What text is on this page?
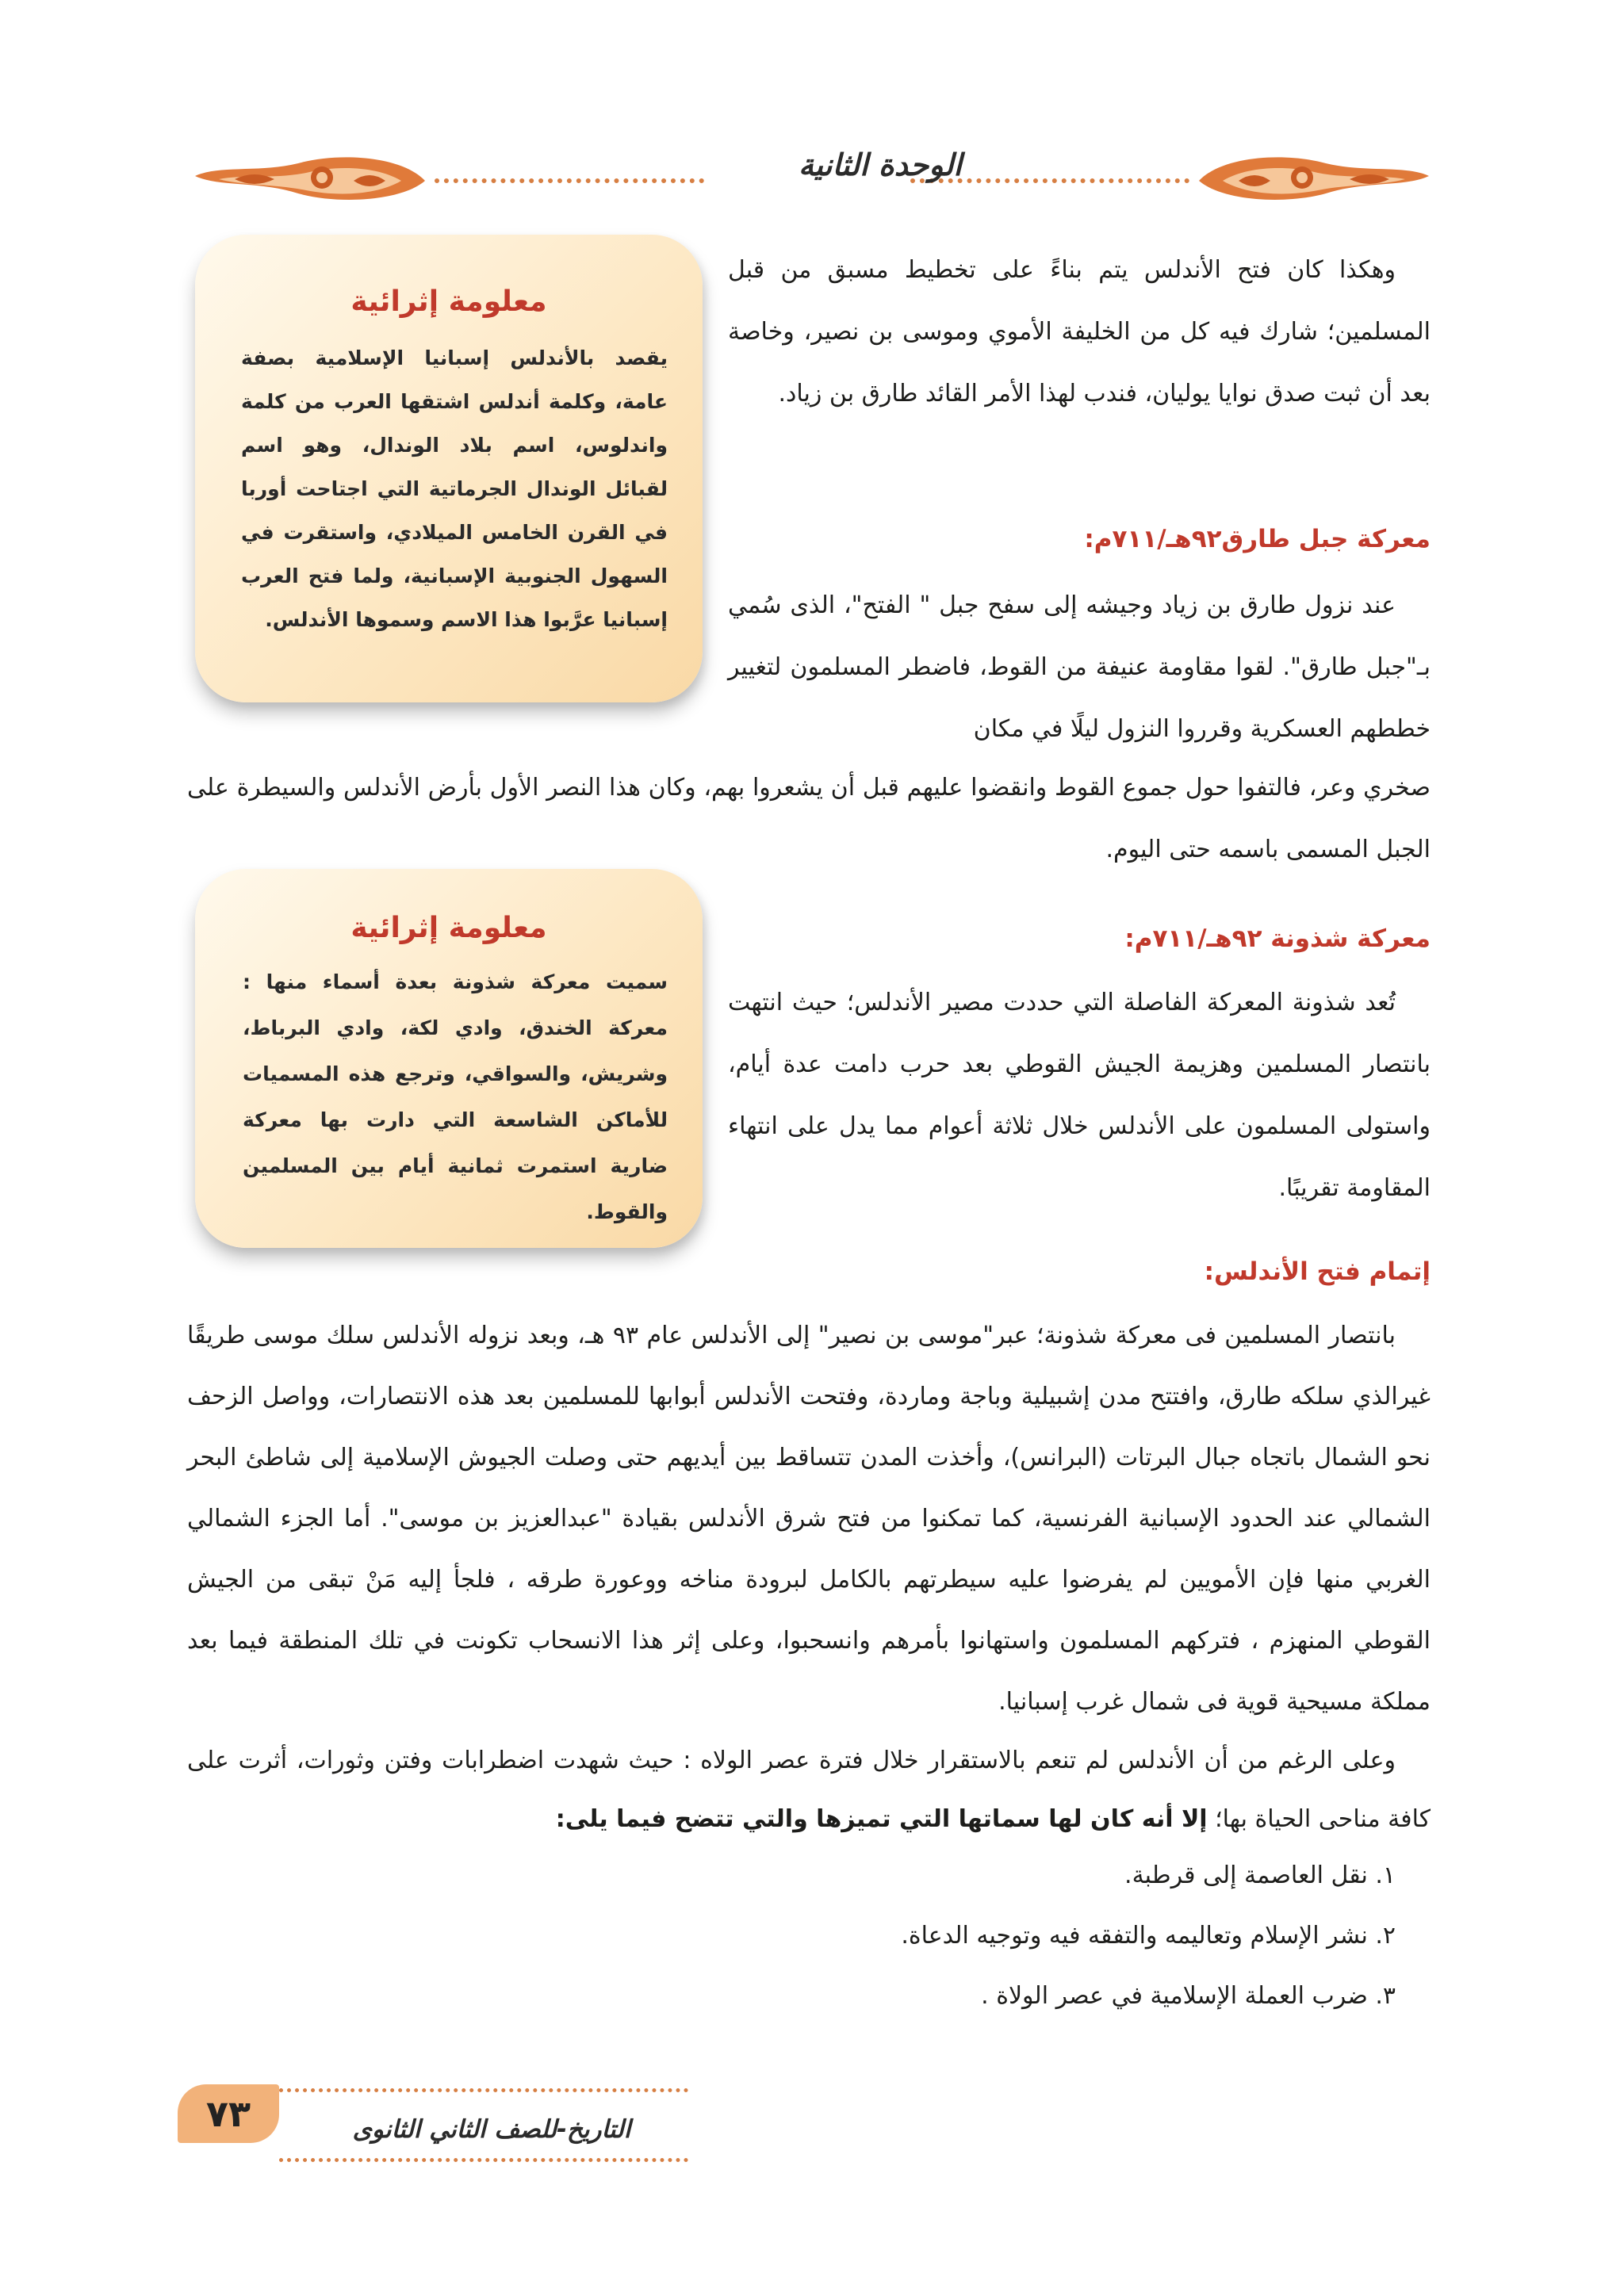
الوحدة الثانية

وهكذا كان فتح الأندلس يتم بناءً على تخطيط مسبق من قبل المسلمين؛ شارك فيه كل من الخليفة الأموي وموسى بن نصير، وخاصة بعد أن ثبت صدق نوايا يوليان، فندب لهذا الأمر القائد طارق بن زياد.

معلومة إثرائية

يقصد بالأندلس إسبانيا الإسلامية بصفة عامة، وكلمة أندلس اشتقها العرب من كلمة واندلوس، اسم بلاد الوندال، وهو اسم لقبائل الوندال الجرماتية التي اجتاحت أوربا في القرن الخامس الميلادي، واستقرت في السهول الجنوبية الإسبانية، ولما فتح العرب إسبانيا عرَّبوا هذا الاسم وسموها الأندلس.

معركة جبل طارق٩٢هـ/٧١١م:

عند نزول طارق بن زياد وجيشه إلى سفح جبل " الفتح"، الذى سُمي بـ"جبل طارق". لقوا مقاومة عنيفة من القوط، فاضطر المسلمون لتغيير خططهم العسكرية وقرروا النزول ليلًا في مكان

صخري وعر، فالتفوا حول جموع القوط وانقضوا عليهم قبل أن يشعروا بهم، وكان هذا النصر الأول بأرض الأندلس والسيطرة على الجبل المسمى باسمه حتى اليوم.

معلومة إثرائية

سميت معركة شذونة بعدة أسماء منها : معركة الخندق، وادي لكة، وادي البرباط، وشريش، والسواقي، وترجع هذه المسميات للأماكن الشاسعة التي دارت بها معركة ضارية استمرت ثمانية أيام بين المسلمين والقوط.

معركة شذونة ٩٢هـ/٧١١م:

تُعد شذونة المعركة الفاصلة التي حددت مصير الأندلس؛ حيث انتهت بانتصار المسلمين وهزيمة الجيش القوطي بعد حرب دامت عدة أيام، واستولى المسلمون على الأندلس خلال ثلاثة أعوام مما يدل على انتهاء المقاومة تقريبًا.

إتمام فتح الأندلس:

بانتصار المسلمين فى معركة شذونة؛ عبر"موسى بن نصير" إلى الأندلس عام ٩٣ هـ، وبعد نزوله الأندلس سلك موسى طريقًا غيرالذي سلكه طارق، وافتتح مدن إشبيلية وباجة وماردة، وفتحت الأندلس أبوابها للمسلمين بعد هذه الانتصارات، وواصل الزحف نحو الشمال باتجاه جبال البرتات (البرانس)، وأخذت المدن تتساقط بين أيديهم حتى وصلت الجيوش الإسلامية إلى شاطئ البحر الشمالي عند الحدود الإسبانية الفرنسية، كما تمكنوا من فتح شرق الأندلس بقيادة "عبدالعزيز بن موسى". أما الجزء الشمالي الغربي منها فإن الأمويين لم يفرضوا عليه سيطرتهم بالكامل لبرودة مناخه ووعورة طرقه ، فلجأ إليه مَنْ تبقى من الجيش القوطي المنهزم ، فتركهم المسلمون واستهانوا بأمرهم وانسحبوا، وعلى إثر هذا الانسحاب تكونت في تلك المنطقة فيما بعد مملكة مسيحية قوية فى شمال غرب إسبانيا.

وعلى الرغم من أن الأندلس لم تنعم بالاستقرار خلال فترة عصر الولاه : حيث شهدت اضطرابات وفتن وثورات، أثرت على كافة مناحى الحياة بها؛ إلا أنه كان لها سماتها التي تميزها والتي تتضح فيما يلى:

١. نقل العاصمة إلى قرطبة.
٢. نشر الإسلام وتعاليمه والتفقه فيه وتوجيه الدعاة.
٣. ضرب العملة الإسلامية في عصر الولاة .
٧٣	التاريخ-للصف الثاني الثانوى
